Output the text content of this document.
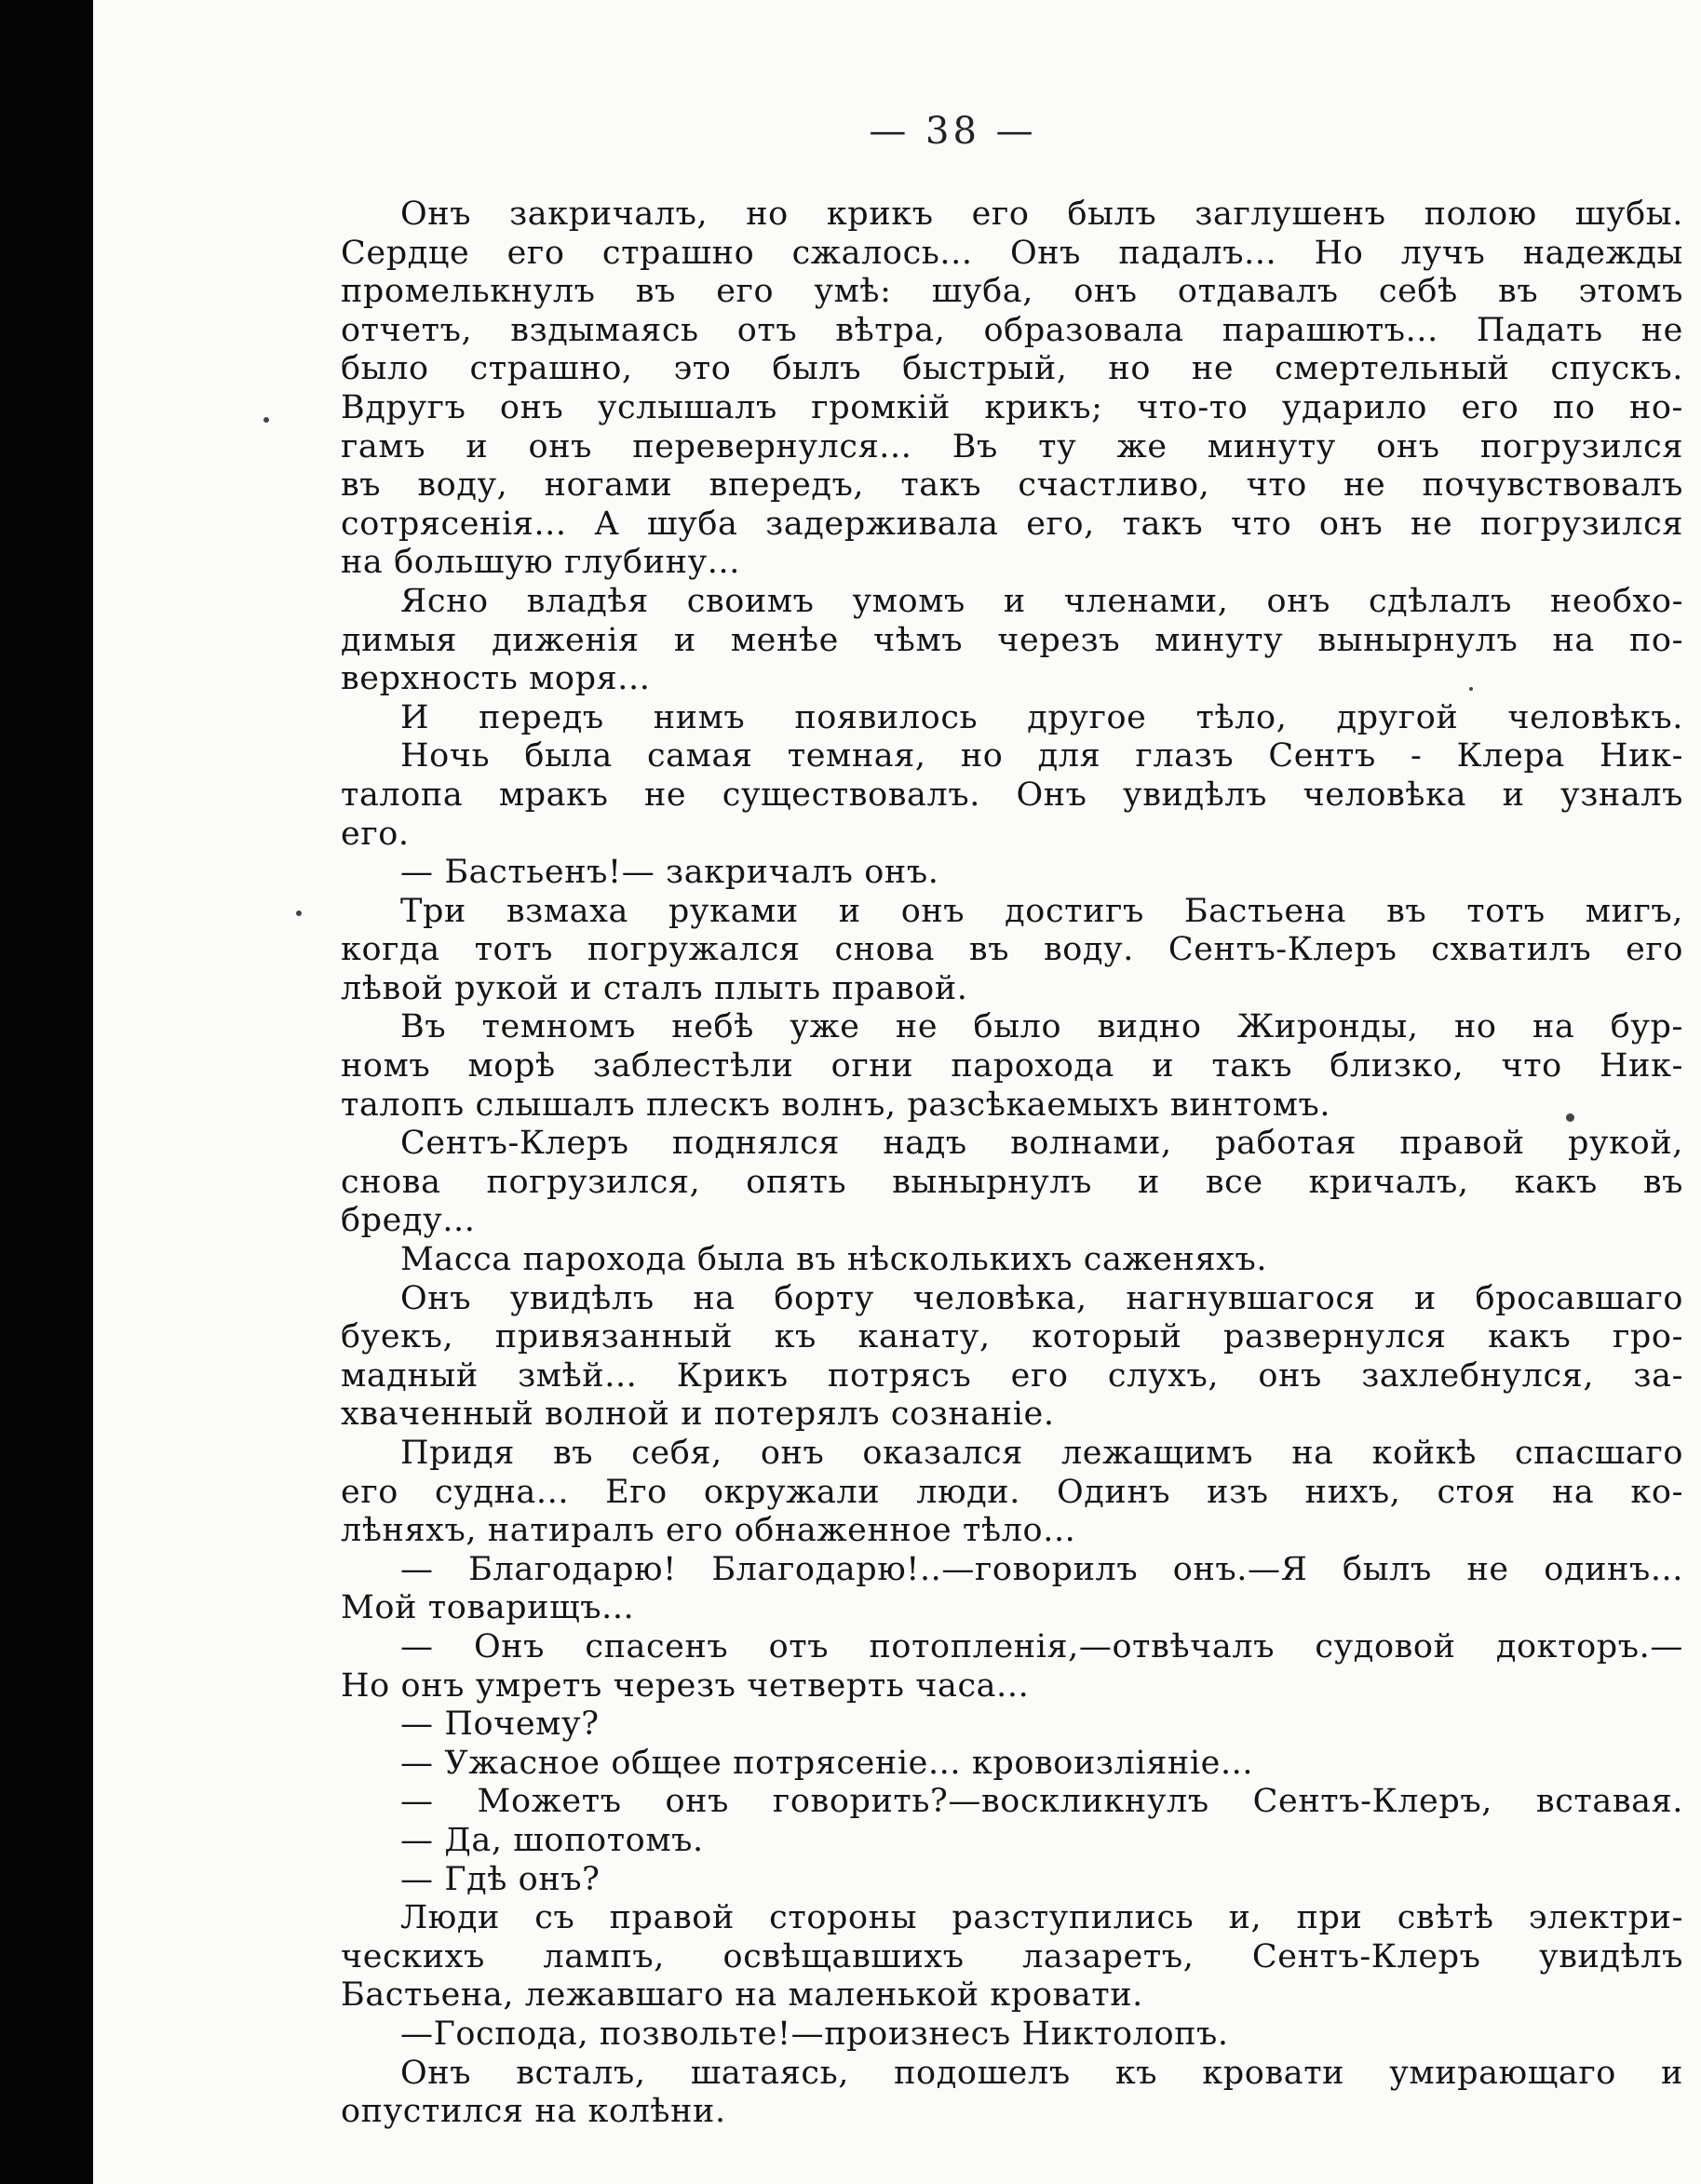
— 38 —
Онъ закричалъ, но крикъ его былъ заглушенъ полою шубы.
Сердце его страшно сжалось... Онъ падалъ... Но лучъ надежды
промелькнулъ въ его умѣ: шуба, онъ отдавалъ себѣ въ этомъ
отчетъ, вздымаясь отъ вѣтра, образовала парашютъ... Падать не
было страшно, это былъ быстрый, но не смертельный спускъ.
Вдругъ онъ услышалъ громкій крикъ; что-то ударило его по но-
гамъ и онъ перевернулся... Въ ту же минуту онъ погрузился
въ воду, ногами впередъ, такъ счастливо, что не почувствовалъ
сотрясенія... А шуба задерживала его, такъ что онъ не погрузился
на большую глубину...
Ясно владѣя своимъ умомъ и членами, онъ сдѣлалъ необхо-
димыя диженія и менѣе чѣмъ черезъ минуту вынырнулъ на по-
верхность моря...
И передъ нимъ появилось другое тѣло, другой человѣкъ.
Ночь была самая темная, но для глазъ Сентъ - Клера Ник-
талопа мракъ не существовалъ. Онъ увидѣлъ человѣка и узналъ
его.
— Бастьенъ!— закричалъ онъ.
Три взмаха руками и онъ достигъ Бастьена въ тотъ мигъ,
когда тотъ погружался снова въ воду. Сентъ-Клеръ схватилъ его
лѣвой рукой и сталъ плыть правой.
Въ темномъ небѣ уже не было видно Жиронды, но на бур-
номъ морѣ заблестѣли огни парохода и такъ близко, что Ник-
талопъ слышалъ плескъ волнъ, разсѣкаемыхъ винтомъ.
Сентъ-Клеръ поднялся надъ волнами, работая правой рукой,
снова погрузился, опять вынырнулъ и все кричалъ, какъ въ
бреду...
Масса парохода была въ нѣсколькихъ саженяхъ.
Онъ увидѣлъ на борту человѣка, нагнувшагося и бросавшаго
буекъ, привязанный къ канату, который развернулся какъ гро-
мадный змѣй... Крикъ потрясъ его слухъ, онъ захлебнулся, за-
хваченный волной и потерялъ сознаніе.
Придя въ себя, онъ оказался лежащимъ на койкѣ спасшаго
его судна... Его окружали люди. Одинъ изъ нихъ, стоя на ко-
лѣняхъ, натиралъ его обнаженное тѣло...
— Благодарю! Благодарю!..—говорилъ онъ.—Я былъ не одинъ...
Мой товарищъ...
— Онъ спасенъ отъ потопленія,—отвѣчалъ судовой докторъ.—
Но онъ умретъ черезъ четверть часа...
— Почему?
— Ужасное общее потрясеніе... кровоизліяніе...
— Можетъ онъ говорить?—воскликнулъ Сентъ-Клеръ, вставая.
— Да, шопотомъ.
— Гдѣ онъ?
Люди съ правой стороны разступились и, при свѣтѣ электри-
ческихъ лампъ, освѣщавшихъ лазаретъ, Сентъ-Клеръ увидѣлъ
Бастьена, лежавшаго на маленькой кровати.
—Господа, позвольте!—произнесъ Никтолопъ.
Онъ всталъ, шатаясь, подошелъ къ кровати умирающаго и
опустился на колѣни.
